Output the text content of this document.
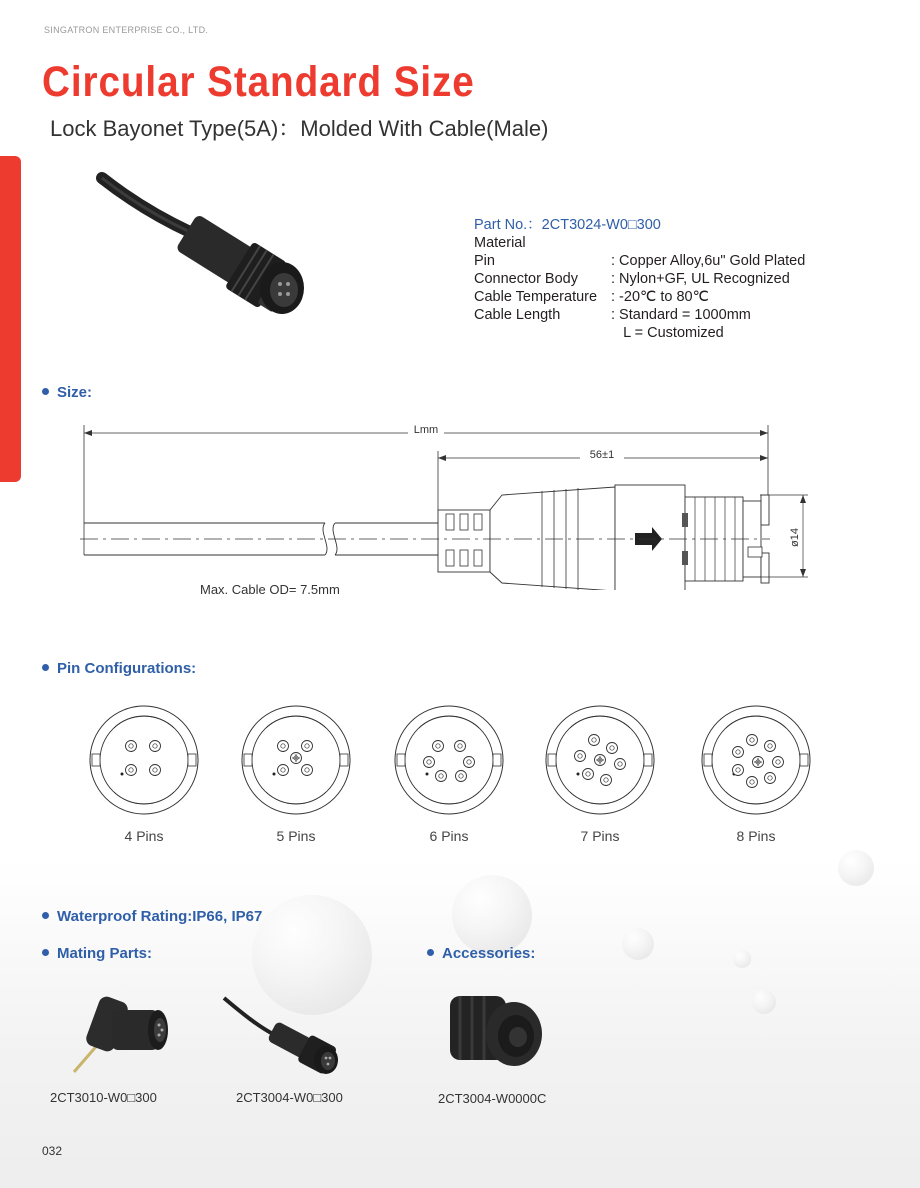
SINGATRON ENTERPRISE CO., LTD.
Circular Standard Size
Lock Bayonet Type(5A)：Molded With Cable(Male)
Part No.：2CT3024-W0□300
Material
Pin	: Copper Alloy,6u" Gold Plated
Connector Body	: Nylon+GF, UL Recognized
Cable Temperature : -20℃ to 80℃
Cable Length	: Standard = 1000mm
L = Customized
Size:
Lmm
56±1
ø14
Max. Cable OD= 7.5mm
Pin Configurations:
4 Pins	5 Pins	6 Pins	7 Pins	8 Pins
Waterproof Rating:IP66, IP67
Mating Parts:	Accessories:
2CT3010-W0□300	2CT3004-W0□300	2CT3004-W0000C
032
